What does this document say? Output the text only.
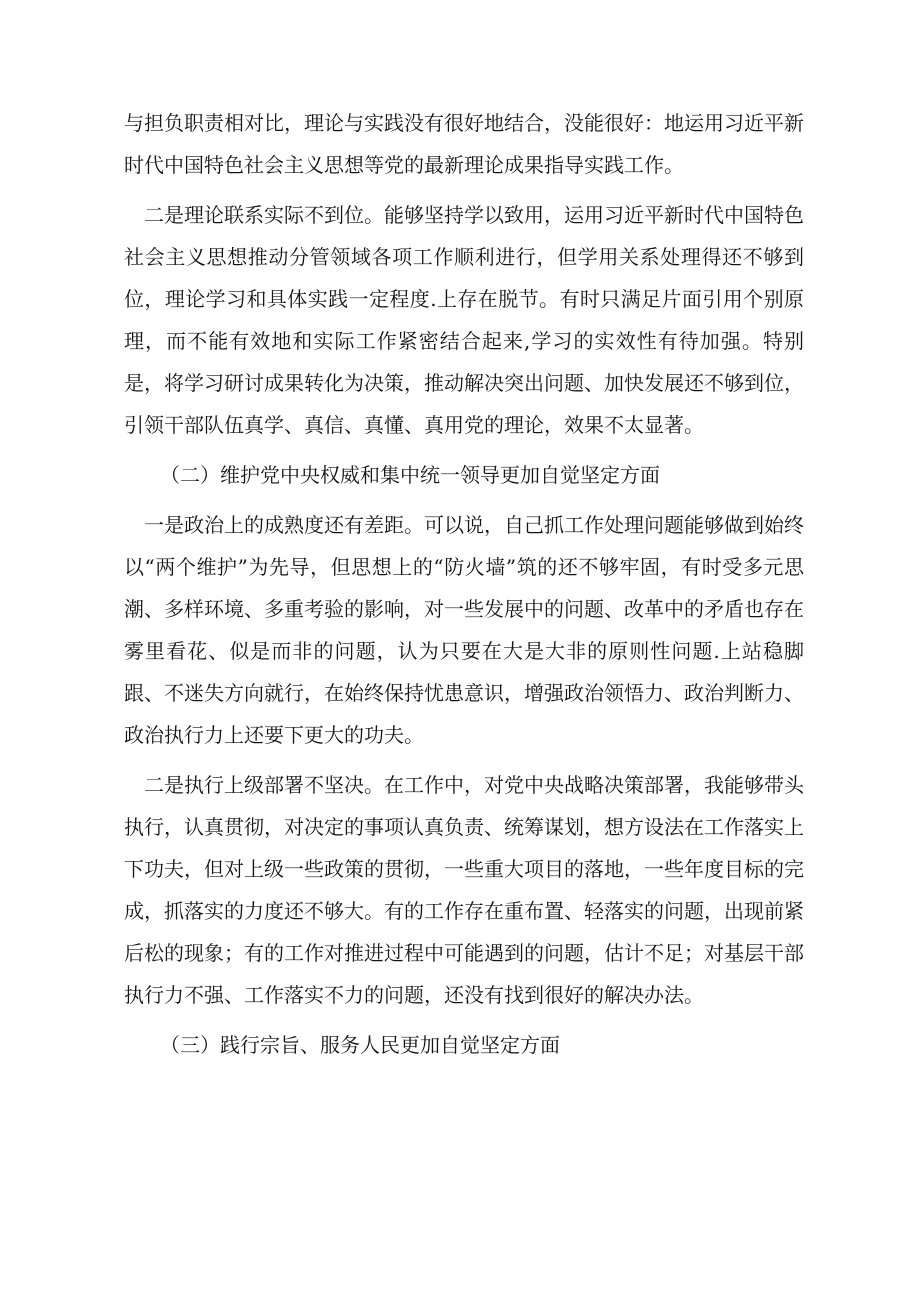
与担负职责相对比，理论与实践没有很好地结合，没能很好：地运用习近平新时代中国特色社会主义思想等党的最新理论成果指导实践工作。

二是理论联系实际不到位。能够坚持学以致用，运用习近平新时代中国特色社会主义思想推动分管领域各项工作顺利进行，但学用关系处理得还不够到位，理论学习和具体实践一定程度.上存在脱节。有时只满足片面引用个别原理，而不能有效地和实际工作紧密结合起来,学习的实效性有待加强。特别是，将学习研讨成果转化为决策，推动解决突出问题、加快发展还不够到位，引领干部队伍真学、真信、真懂、真用党的理论，效果不太显著。

（二）维护党中央权威和集中统一领导更加自觉坚定方面

一是政治上的成熟度还有差距。可以说，自己抓工作处理问题能够做到始终以“两个维护”为先导，但思想上的“防火墙”筑的还不够牢固，有时受多元思潮、多样环境、多重考验的影响，对一些发展中的问题、改革中的矛盾也存在雾里看花、似是而非的问题，认为只要在大是大非的原则性问题.上站稳脚跟、不迷失方向就行，在始终保持忧患意识，增强政治领悟力、政治判断力、政治执行力上还要下更大的功夫。

二是执行上级部署不坚决。在工作中，对党中央战略决策部署，我能够带头执行，认真贯彻，对决定的事项认真负责、统筹谋划，想方设法在工作落实上下功夫，但对上级一些政策的贯彻，一些重大项目的落地，一些年度目标的完成，抓落实的力度还不够大。有的工作存在重布置、轻落实的问题，出现前紧后松的现象；有的工作对推进过程中可能遇到的问题，估计不足；对基层干部执行力不强、工作落实不力的问题，还没有找到很好的解决办法。

（三）践行宗旨、服务人民更加自觉坚定方面
